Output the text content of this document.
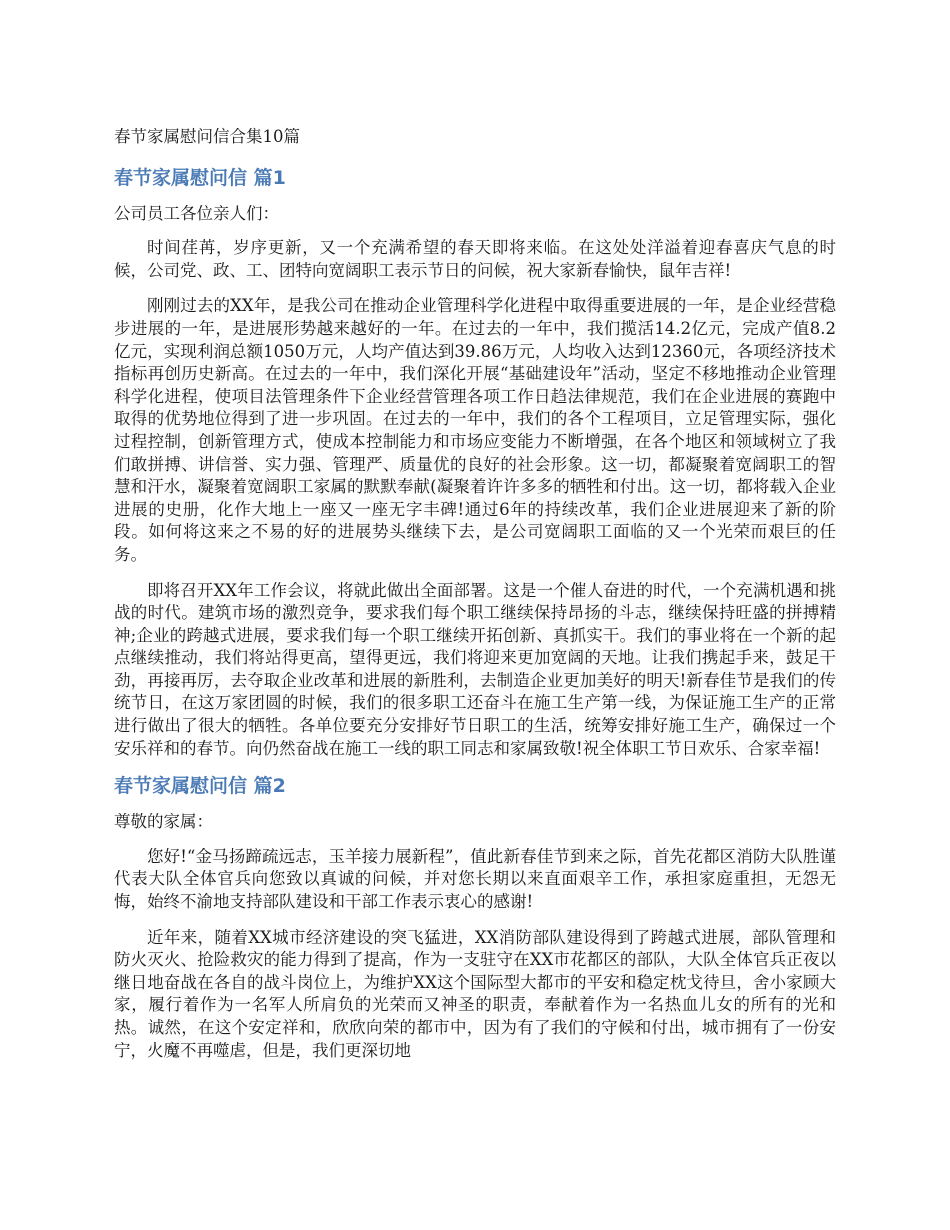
春节家属慰问信合集10篇
春节家属慰问信 篇1
公司员工各位亲人们：

时间荏苒，岁序更新，又一个充满希望的春天即将来临。在这处处洋溢着迎春喜庆气息的时候，公司党、政、工、团特向宽阔职工表示节日的问候，祝大家新春愉快，鼠年吉祥!

刚刚过去的XX年，是我公司在推动企业管理科学化进程中取得重要进展的一年，是企业经营稳步进展的一年，是进展形势越来越好的一年。在过去的一年中，我们揽活14.2亿元，完成产值8.2亿元，实现利润总额1050万元，人均产值达到39.86万元，人均收入达到12360元，各项经济技术指标再创历史新高。在过去的一年中，我们深化开展“基础建设年”活动，坚定不移地推动企业管理科学化进程，使项目法管理条件下企业经营管理各项工作日趋法律规范，我们在企业进展的赛跑中取得的优势地位得到了进一步巩固。在过去的一年中，我们的各个工程项目，立足管理实际，强化过程控制，创新管理方式，使成本控制能力和市场应变能力不断增强，在各个地区和领域树立了我们敢拼搏、讲信誉、实力强、管理严、质量优的良好的社会形象。这一切，都凝聚着宽阔职工的智慧和汗水，凝聚着宽阔职工家属的默默奉献(凝聚着许许多多的牺牲和付出。这一切，都将载入企业进展的史册，化作大地上一座又一座无字丰碑!通过6年的持续改革，我们企业进展迎来了新的阶段。如何将这来之不易的好的进展势头继续下去，是公司宽阔职工面临的又一个光荣而艰巨的任务。

即将召开XX年工作会议，将就此做出全面部署。这是一个催人奋进的时代，一个充满机遇和挑战的时代。建筑市场的激烈竞争，要求我们每个职工继续保持昂扬的斗志，继续保持旺盛的拼搏精神;企业的跨越式进展，要求我们每一个职工继续开拓创新、真抓实干。我们的事业将在一个新的起点继续推动，我们将站得更高，望得更远，我们将迎来更加宽阔的天地。让我们携起手来，鼓足干劲，再接再厉，去夺取企业改革和进展的新胜利，去制造企业更加美好的明天!新春佳节是我们的传统节日，在这万家团圆的时候，我们的很多职工还奋斗在施工生产第一线，为保证施工生产的正常进行做出了很大的牺牲。各单位要充分安排好节日职工的生活，统筹安排好施工生产，确保过一个安乐祥和的春节。向仍然奋战在施工一线的职工同志和家属致敬!祝全体职工节日欢乐、合家幸福!

春节家属慰问信 篇2
尊敬的家属：

您好!“金马扬蹄疏远志，玉羊接力展新程”，值此新春佳节到来之际，首先花都区消防大队胜谨代表大队全体官兵向您致以真诚的问候，并对您长期以来直面艰辛工作，承担家庭重担，无怨无悔，始终不渝地支持部队建设和干部工作表示衷心的感谢!

近年来，随着XX城市经济建设的突飞猛进，XX消防部队建设得到了跨越式进展，部队管理和防火灭火、抢险救灾的能力得到了提高，作为一支驻守在XX市花都区的部队，大队全体官兵正夜以继日地奋战在各自的战斗岗位上，为维护XX这个国际型大都市的平安和稳定枕戈待旦，舍小家顾大家，履行着作为一名军人所肩负的光荣而又神圣的职责，奉献着作为一名热血儿女的所有的光和热。诚然，在这个安定祥和，欣欣向荣的都市中，因为有了我们的守候和付出，城市拥有了一份安宁，火魔不再噬虐，但是，我们更深切地
